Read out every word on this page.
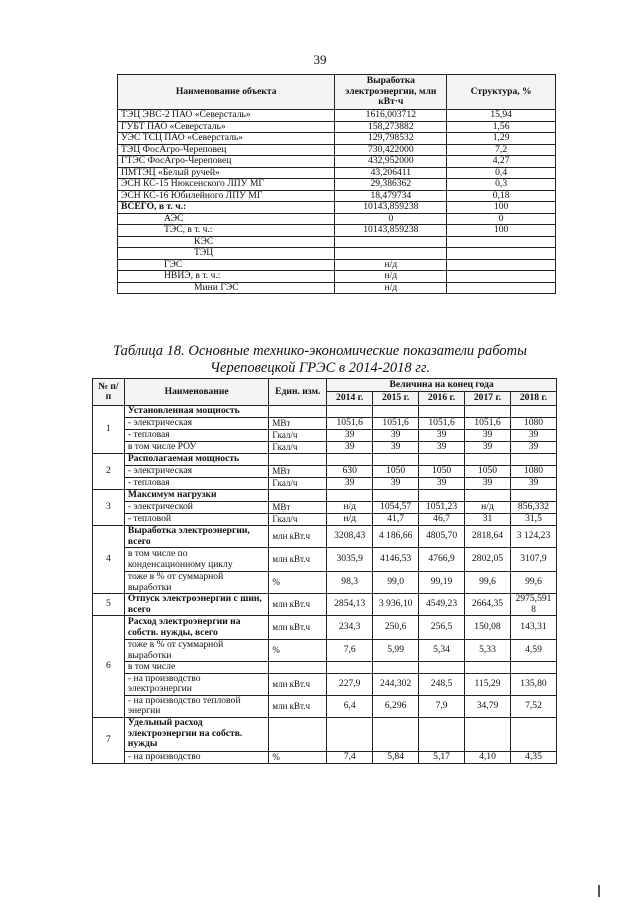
39
Наименование объекта	Выработка электроэнергии, млн кВт·ч	Структура, %
ТЭЦ ЭВС-2 ПАО «Северсталь»	1616,003712	15,94
ГУБТ ПАО «Северсталь»	158,273882	1,56
УЭС ТСЦ ПАО «Северсталь»	129,798532	1,29
ТЭЦ ФосАгро-Череповец	730,422000	7,2
ГТЭС ФосАгро-Череповец	432,952000	4,27
ПМТЭЦ «Белый ручей»	43,206411	0,4
ЭСН КС-15 Нюксенского ЛПУ МГ	29,386362	0,3
ЭСН КС-16 Юбилейного ЛПУ МГ	18,479734	0,18
ВСЕГО, в т. ч.:	10143,859238	100
АЭС	0	0
ТЭС, в т. ч.:	10143,859238	100
КЭС		
ТЭЦ		
ГЭС	н/д	
НВИЭ, в т. ч.:	н/д	
Мини ГЭС	н/д	
Таблица 18. Основные технико-экономические показатели работы
Череповецкой ГРЭС в 2014-2018 гг.
№ п/п	Наименование	Един. изм.	Величина на конец года				
			2014 г.	2015 г.	2016 г.	2017 г.	2018 г.
1	Установленная мощность						
	- электрическая	МВт	1051,6	1051,6	1051,6	1051,6	1080
	- тепловая	Гкал/ч	39	39	39	39	39
	в том числе РОУ	Гкал/ч	39	39	39	39	39
2	Располагаемая мощность						
	- электрическая	МВт	630	1050	1050	1050	1080
	- тепловая	Гкал/ч	39	39	39	39	39
3	Максимум нагрузки						
	- электрической	МВт	н/д	1054,57	1051,23	н/д	856,332
	- тепловой	Гкал/ч	н/д	41,7	46,7	31	31,5
4	Выработка электроэнергии, всего	млн кВт.ч	3208,43	4 186,66	4805,70	2818,64	3 124,23
	в том числе по конденсационному циклу	млн кВт.ч	3035,9	4146,53	4766,9	2802,05	3107,9
	тоже в % от суммарной выработки	%	98,3	99,0	99,19	99,6	99,6
5	Отпуск электроэнергии с шин, всего	млн кВт.ч	2854,13	3 936,10	4549,23	2664,35	2975,591 8
6	Расход электроэнергии на собств. нужды, всего	млн кВт.ч	234,3	250,6	256,5	150,08	143,31
	тоже в % от суммарной выработки	%	7,6	5,99	5,34	5,33	4,59
	в том числе						
	- на производство электроэнергии	млн кВт.ч	227,9	244,302	248,5	115,29	135,80
	- на производство тепловой энергии	млн кВт.ч	6,4	6,296	7,9	34,79	7,52
7	Удельный расход электроэнергии на собств. нужды						
	- на производство	%	7,4	5,84	5,17	4,10	4,35
